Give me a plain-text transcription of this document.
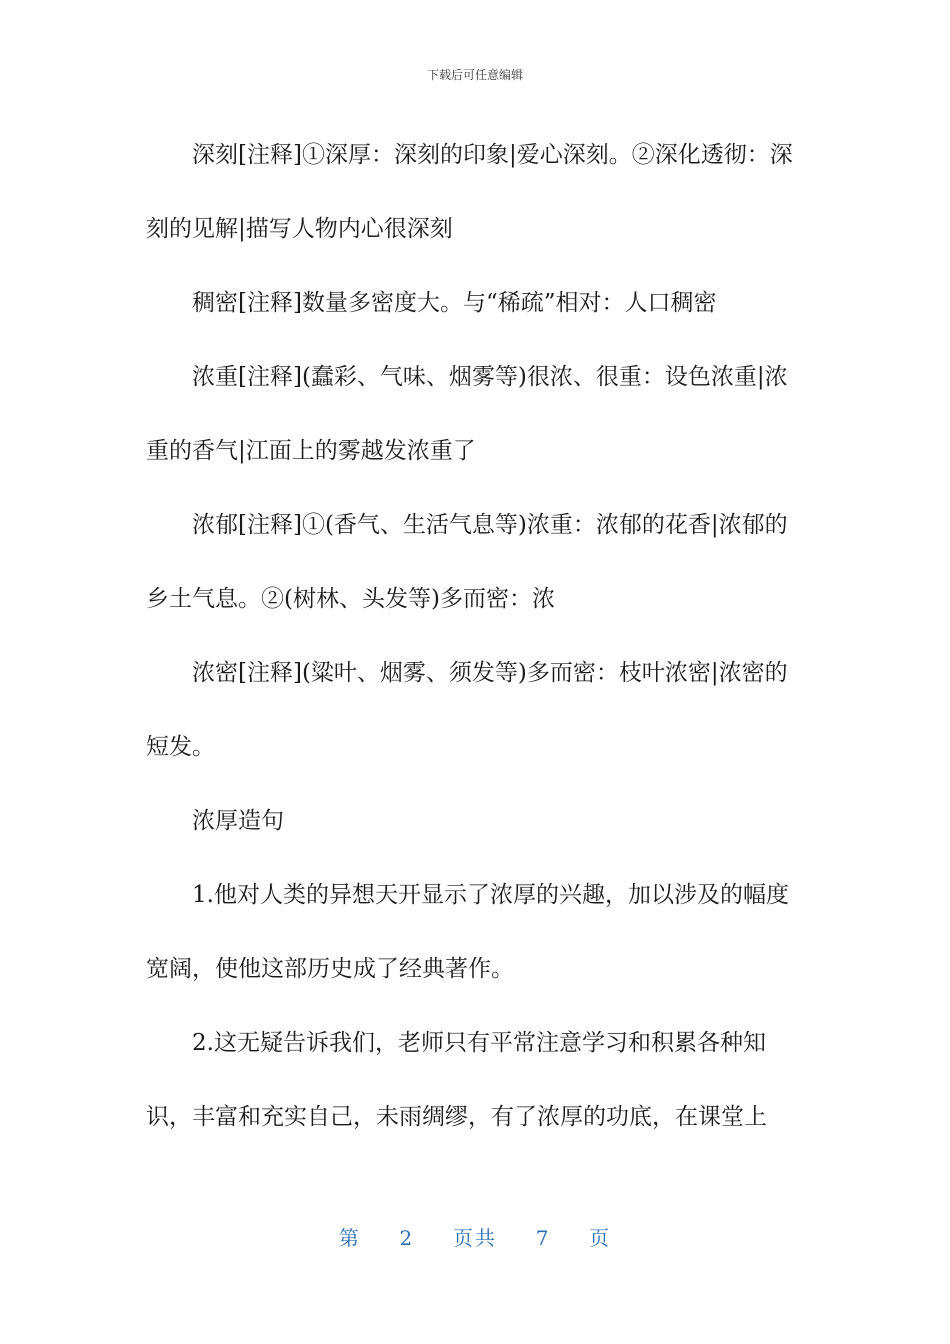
下载后可任意编辑

深刻[注释]①深厚：深刻的印象|爱心深刻。②深化透彻：深刻的见解|描写人物内心很深刻

稠密[注释]数量多密度大。与“稀疏”相对：人口稠密

浓重[注释](蠢彩、气味、烟雾等)很浓、很重：设色浓重|浓重的香气|江面上的雾越发浓重了

浓郁[注释]①(香气、生活气息等)浓重：浓郁的花香|浓郁的乡土气息。②(树林、头发等)多而密：浓

浓密[注释](粱叶、烟雾、须发等)多而密：枝叶浓密|浓密的短发。

浓厚造句

1.他对人类的异想天开显示了浓厚的兴趣，加以涉及的幅度宽阔，使他这部历史成了经典著作。

2.这无疑告诉我们，老师只有平常注意学习和积累各种知识，丰富和充实自己，未雨绸缪，有了浓厚的功底，在课堂上

第 2 页共 7 页
